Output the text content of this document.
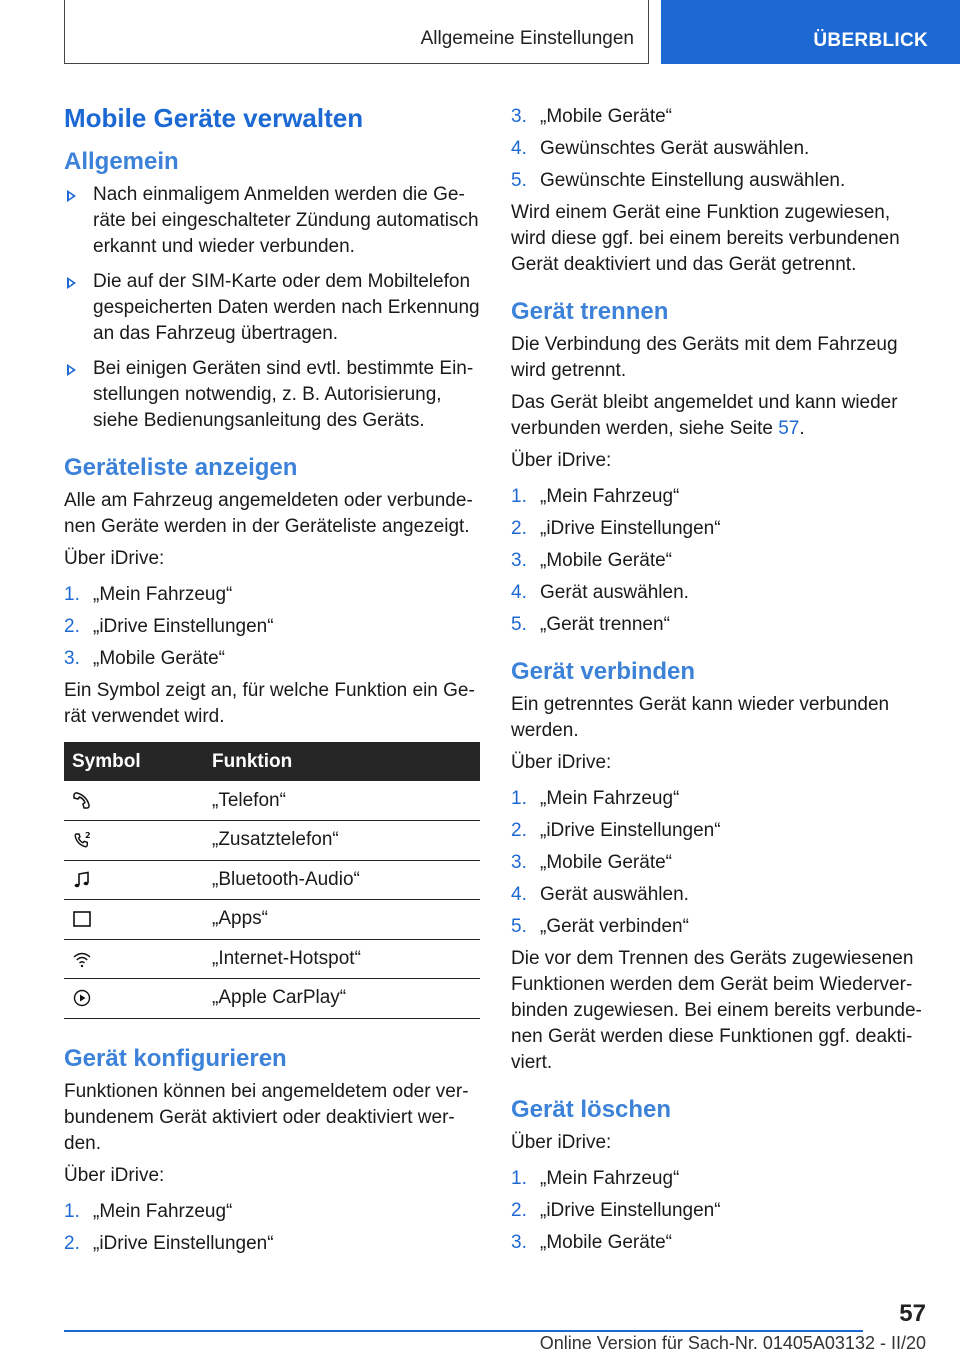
Allgemeine Einstellungen	ÜBERBLICK
Mobile Geräte verwalten
Allgemein
Nach einmaligem Anmelden werden die Geräte bei eingeschalteter Zündung automatisch erkannt und wieder verbunden.
Die auf der SIM-Karte oder dem Mobiltelefon gespeicherten Daten werden nach Erkennung an das Fahrzeug übertragen.
Bei einigen Geräten sind evtl. bestimmte Einstellungen notwendig, z. B. Autorisierung, siehe Bedienungsanleitung des Geräts.
Geräteliste anzeigen

Alle am Fahrzeug angemeldeten oder verbundenen Geräte werden in der Geräteliste angezeigt.

Über iDrive:

1. „Mein Fahrzeug“
2. „iDrive Einstellungen“
3. „Mobile Geräte“

Ein Symbol zeigt an, für welche Funktion ein Gerät verwendet wird.

Symbol	Funktion
	„Telefon“

2	„Zusatztelefon“
	„Bluetooth-Audio“
	„Apps“
	„Internet-Hotspot“
	„Apple CarPlay“
Gerät konfigurieren

Funktionen können bei angemeldetem oder verbundenem Gerät aktiviert oder deaktiviert werden.

Über iDrive:

1. „Mein Fahrzeug“
2. „iDrive Einstellungen“
3. „Mobile Geräte“
4. Gewünschtes Gerät auswählen.
5. Gewünschte Einstellung auswählen.

Wird einem Gerät eine Funktion zugewiesen, wird diese ggf. bei einem bereits verbundenen Gerät deaktiviert und das Gerät getrennt.

Gerät trennen

Die Verbindung des Geräts mit dem Fahrzeug wird getrennt.

Das Gerät bleibt angemeldet und kann wieder verbunden werden, siehe Seite 57.

Über iDrive:

1. „Mein Fahrzeug“
2. „iDrive Einstellungen“
3. „Mobile Geräte“
4. Gerät auswählen.
5. „Gerät trennen“
Gerät verbinden

Ein getrenntes Gerät kann wieder verbunden werden.

Über iDrive:

1. „Mein Fahrzeug“
2. „iDrive Einstellungen“
3. „Mobile Geräte“
4. Gerät auswählen.
5. „Gerät verbinden“

Die vor dem Trennen des Geräts zugewiesenen Funktionen werden dem Gerät beim Wiederverbinden zugewiesen. Bei einem bereits verbundenen Gerät werden diese Funktionen ggf. deaktiviert.

Gerät löschen

Über iDrive:

1. „Mein Fahrzeug“
2. „iDrive Einstellungen“
3. „Mobile Geräte“
57
Online Version für Sach-Nr. 01405A03132 - II/20
